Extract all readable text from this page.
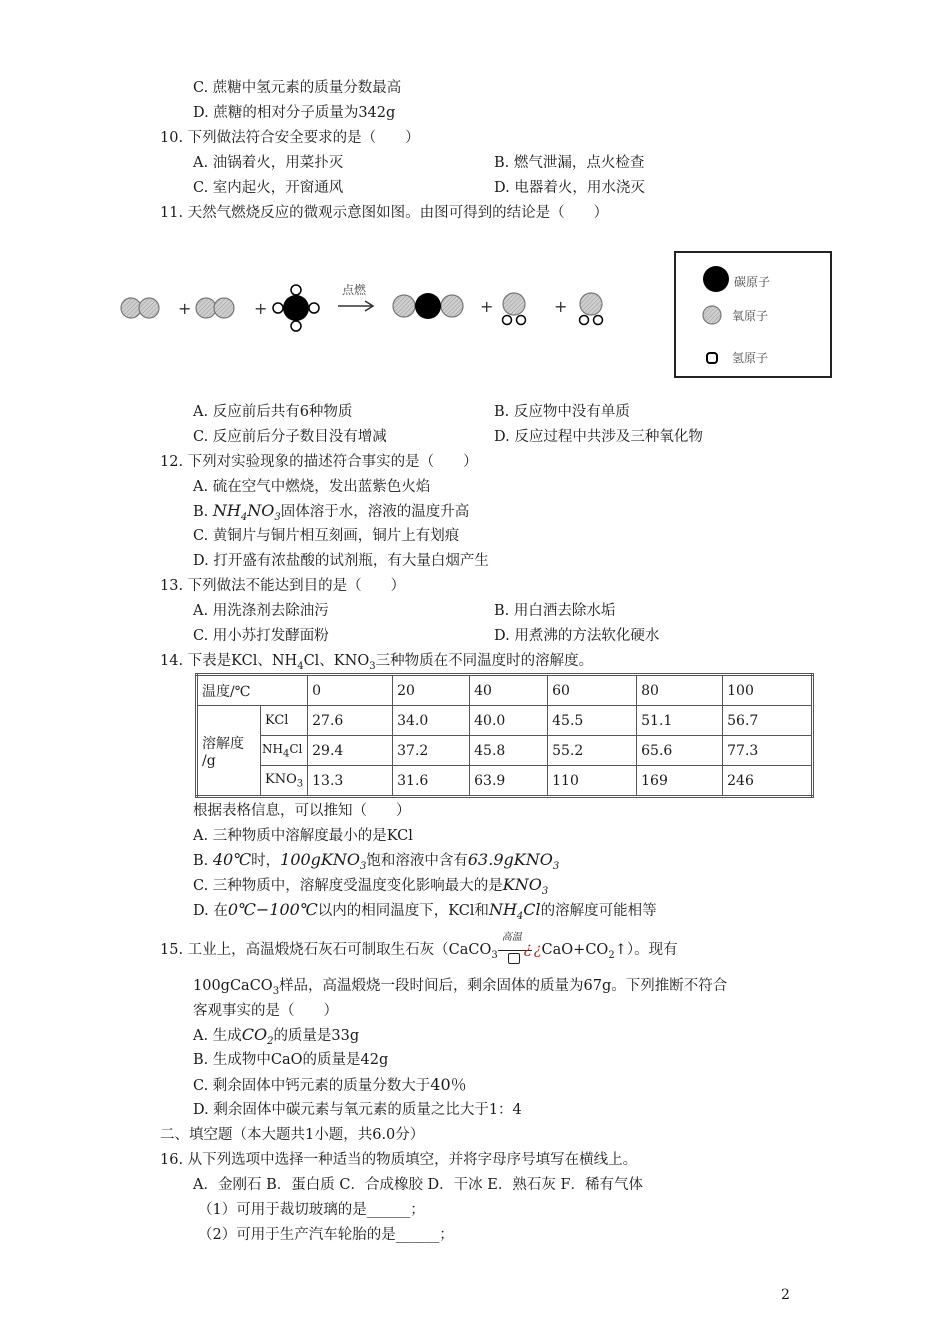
C. 蔗糖中氢元素的质量分数最高
D. 蔗糖的相对分子质量为342g
10. 下列做法符合安全要求的是（　　）
A. 油锅着火，用菜扑灭	B. 燃气泄漏，点火检查
C. 室内起火，开窗通风	D. 电器着火，用水浇灭
11. 天然气燃烧反应的微观示意图如图。由图可得到的结论是（　　）
+	+
点燃
+	+
碳原子
氧原子
氢原子
A. 反应前后共有6种物质	B. 反应物中没有单质
C. 反应前后分子数目没有增减	D. 反应过程中共涉及三种氧化物
12. 下列对实验现象的描述符合事实的是（　　）
A. 硫在空气中燃烧，发出蓝紫色火焰
B. $NH_4NO_3$固体溶于水，溶液的温度升高
C. 黄铜片与铜片相互刻画，铜片上有划痕
D. 打开盛有浓盐酸的试剂瓶，有大量白烟产生
13. 下列做法不能达到目的是（　　）
A. 用洗涤剂去除油污	B. 用白酒去除水垢
C. 用小苏打发酵面粉	D. 用煮沸的方法软化硬水
14. 下表是KCl、$NH_4Cl$、$KNO_3$三种物质在不同温度时的溶解度。
温度/℃		0	20	40	60	80	100

溶解度
/g	KCl	27.6	34.0	40.0	45.5	51.1	56.7
	$NH_4Cl$	29.4	37.2	45.8	55.2	65.6	77.3
	$KNO_3$	13.3	31.6	63.9	110	169	246
根据表格信息，可以推知（　　）
A. 三种物质中溶解度最小的是KCl
B. 40℃时，100gKNO$_3$饱和溶液中含有63.9gKNO$_3$
C. 三种物质中，溶解度受温度变化影响最大的是$KNO_3$
D. 在0℃−100℃以内的相同温度下，KCl和$NH_4Cl$的溶解度可能相等
15. 工业上，高温煅烧石灰石可制取生石灰（CaCO$_3$
高温
¿ ¿$CaO+CO_2↑$）。现有
100gCaCO$_3$样品，高温煅烧一段时间后，剩余固体的质量为67g。下列推断不符合
客观事实的是（　　）
A. 生成$CO_2$的质量是33g
B. 生成物中CaO的质量是42g
C. 剩余固体中钙元素的质量分数大于40％
D. 剩余固体中碳元素与氧元素的质量之比大于1：4
二、填空题（本大题共1小题，共6.0分）
16. 从下列选项中选择一种适当的物质填空，并将字母序号填写在横线上。
A．金刚石 B．蛋白质 C．合成橡胶 D．干冰 E．熟石灰 F．稀有气体
（1）可用于裁切玻璃的是______；
（2）可用于生产汽车轮胎的是______；
2
